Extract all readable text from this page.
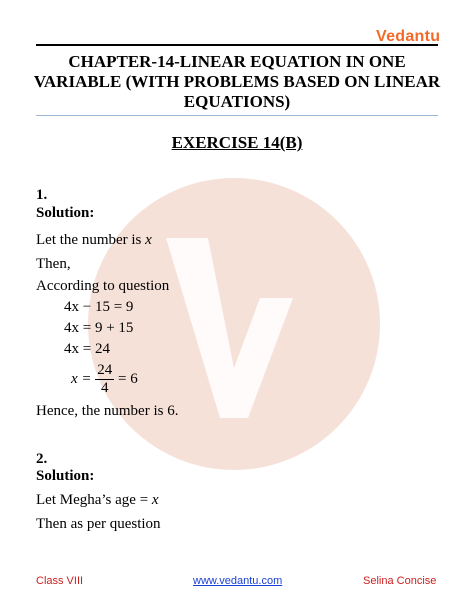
Vedantu
CHAPTER-14-LINEAR EQUATION IN ONE
VARIABLE (WITH PROBLEMS BASED ON LINEAR
EQUATIONS)
EXERCISE 14(B)
1.
Solution:
Let the number is x
Then,
According to question
4x − 15 = 9
4x = 9 + 15
4x = 24
$x = \frac{24}{4} = 6$
Hence, the number is 6.
2.
Solution:
Let Megha’s age = x
Then as per question
Class VIII	www.vedantu.com	Selina Concise
